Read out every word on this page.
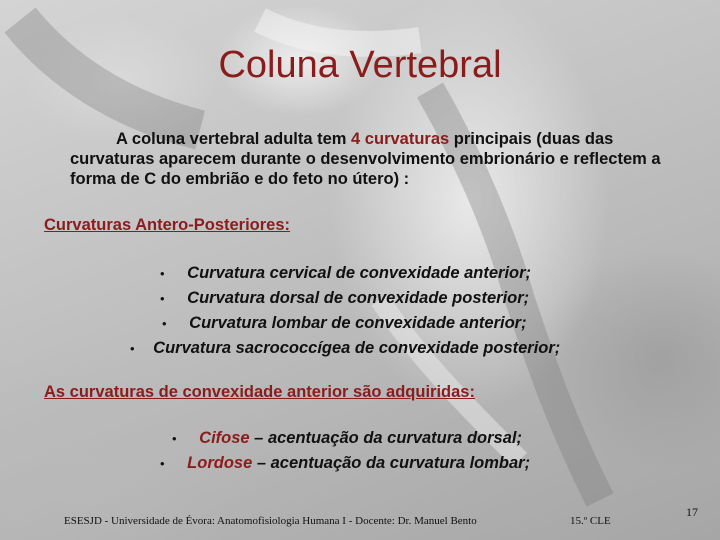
Coluna Vertebral
A coluna vertebral adulta tem 4 curvaturas principais (duas das curvaturas aparecem durante o desenvolvimento embrionário e reflectem a forma de C do embrião e do feto no útero) :
Curvaturas Antero-Posteriores:
• Curvatura cervical de convexidade anterior;
• Curvatura dorsal de convexidade posterior;
• Curvatura lombar de convexidade anterior;
• Curvatura sacrococcígea de convexidade posterior;
As curvaturas de convexidade anterior são adquiridas:
• Cifose – acentuação da curvatura dorsal;
• Lordose – acentuação da curvatura lombar;
ESESJD - Universidade de Évora: Anatomofisiologia Humana I - Docente: Dr. Manuel Bento	15.º CLE
17
